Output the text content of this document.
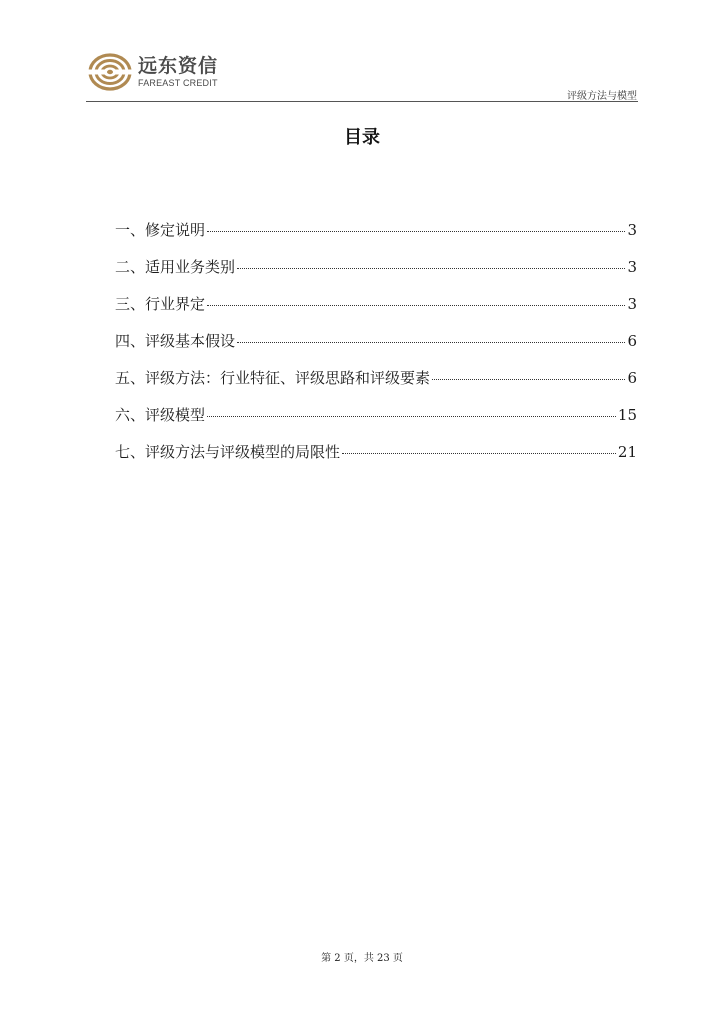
远东资信
FAREAST CREDIT
评级方法与模型
目录
一、修定说明	3
二、适用业务类别	3
三、行业界定	3
四、评级基本假设	6
五、评级方法：行业特征、评级思路和评级要素	6
六、评级模型	15
七、评级方法与评级模型的局限性	21
第 2 页，共 23 页
